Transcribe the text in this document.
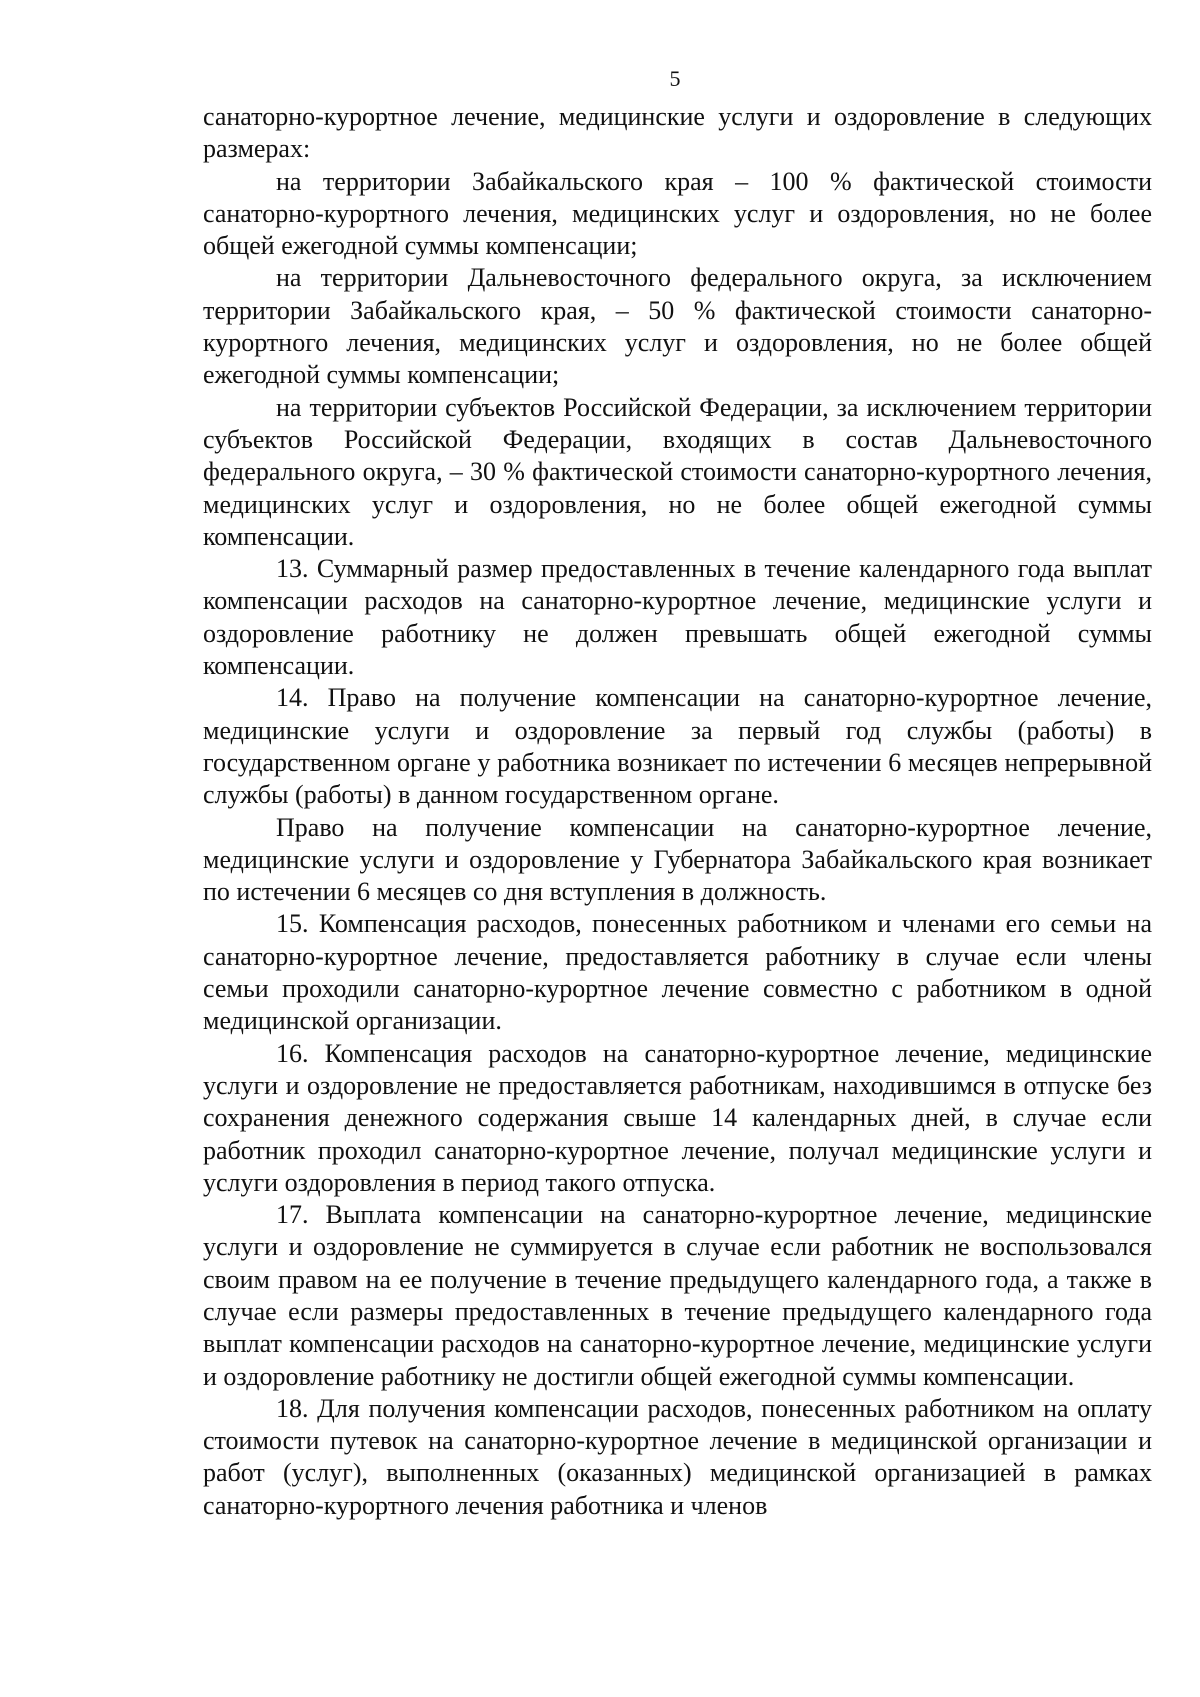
5

санаторно-курортное лечение, медицинские услуги и оздоровление в следующих размерах:

на территории Забайкальского края – 100 % фактической стоимости санаторно-курортного лечения, медицинских услуг и оздоровления, но не более общей ежегодной суммы компенсации;

на территории Дальневосточного федерального округа, за исключением территории Забайкальского края, – 50 % фактической стоимости санаторно-курортного лечения, медицинских услуг и оздоровления, но не более общей ежегодной суммы компенсации;

на территории субъектов Российской Федерации, за исключением территории субъектов Российской Федерации, входящих в состав Дальневосточного федерального округа, – 30 % фактической стоимости санаторно-курортного лечения, медицинских услуг и оздоровления, но не более общей ежегодной суммы компенсации.

13. Суммарный размер предоставленных в течение календарного года выплат компенсации расходов на санаторно-курортное лечение, медицинские услуги и оздоровление работнику не должен превышать общей ежегодной суммы компенсации.

14. Право на получение компенсации на санаторно-курортное лечение, медицинские услуги и оздоровление за первый год службы (работы) в государственном органе у работника возникает по истечении 6 месяцев непрерывной службы (работы) в данном государственном органе.

Право на получение компенсации на санаторно-курортное лечение, медицинские услуги и оздоровление у Губернатора Забайкальского края возникает по истечении 6 месяцев со дня вступления в должность.

15. Компенсация расходов, понесенных работником и членами его семьи на санаторно-курортное лечение, предоставляется работнику в случае если члены семьи проходили санаторно-курортное лечение совместно с работником в одной медицинской организации.

16. Компенсация расходов на санаторно-курортное лечение, медицинские услуги и оздоровление не предоставляется работникам, находившимся в отпуске без сохранения денежного содержания свыше 14 календарных дней, в случае если работник проходил санаторно-курортное лечение, получал медицинские услуги и услуги оздоровления в период такого отпуска.

17. Выплата компенсации на санаторно-курортное лечение, медицинские услуги и оздоровление не суммируется в случае если работник не воспользовался своим правом на ее получение в течение предыдущего календарного года, а также в случае если размеры предоставленных в течение предыдущего календарного года выплат компенсации расходов на санаторно-курортное лечение, медицинские услуги и оздоровление работнику не достигли общей ежегодной суммы компенсации.

18. Для получения компенсации расходов, понесенных работником на оплату стоимости путевок на санаторно-курортное лечение в медицинской организации и работ (услуг), выполненных (оказанных) медицинской организацией в рамках санаторно-курортного лечения работника и членов
